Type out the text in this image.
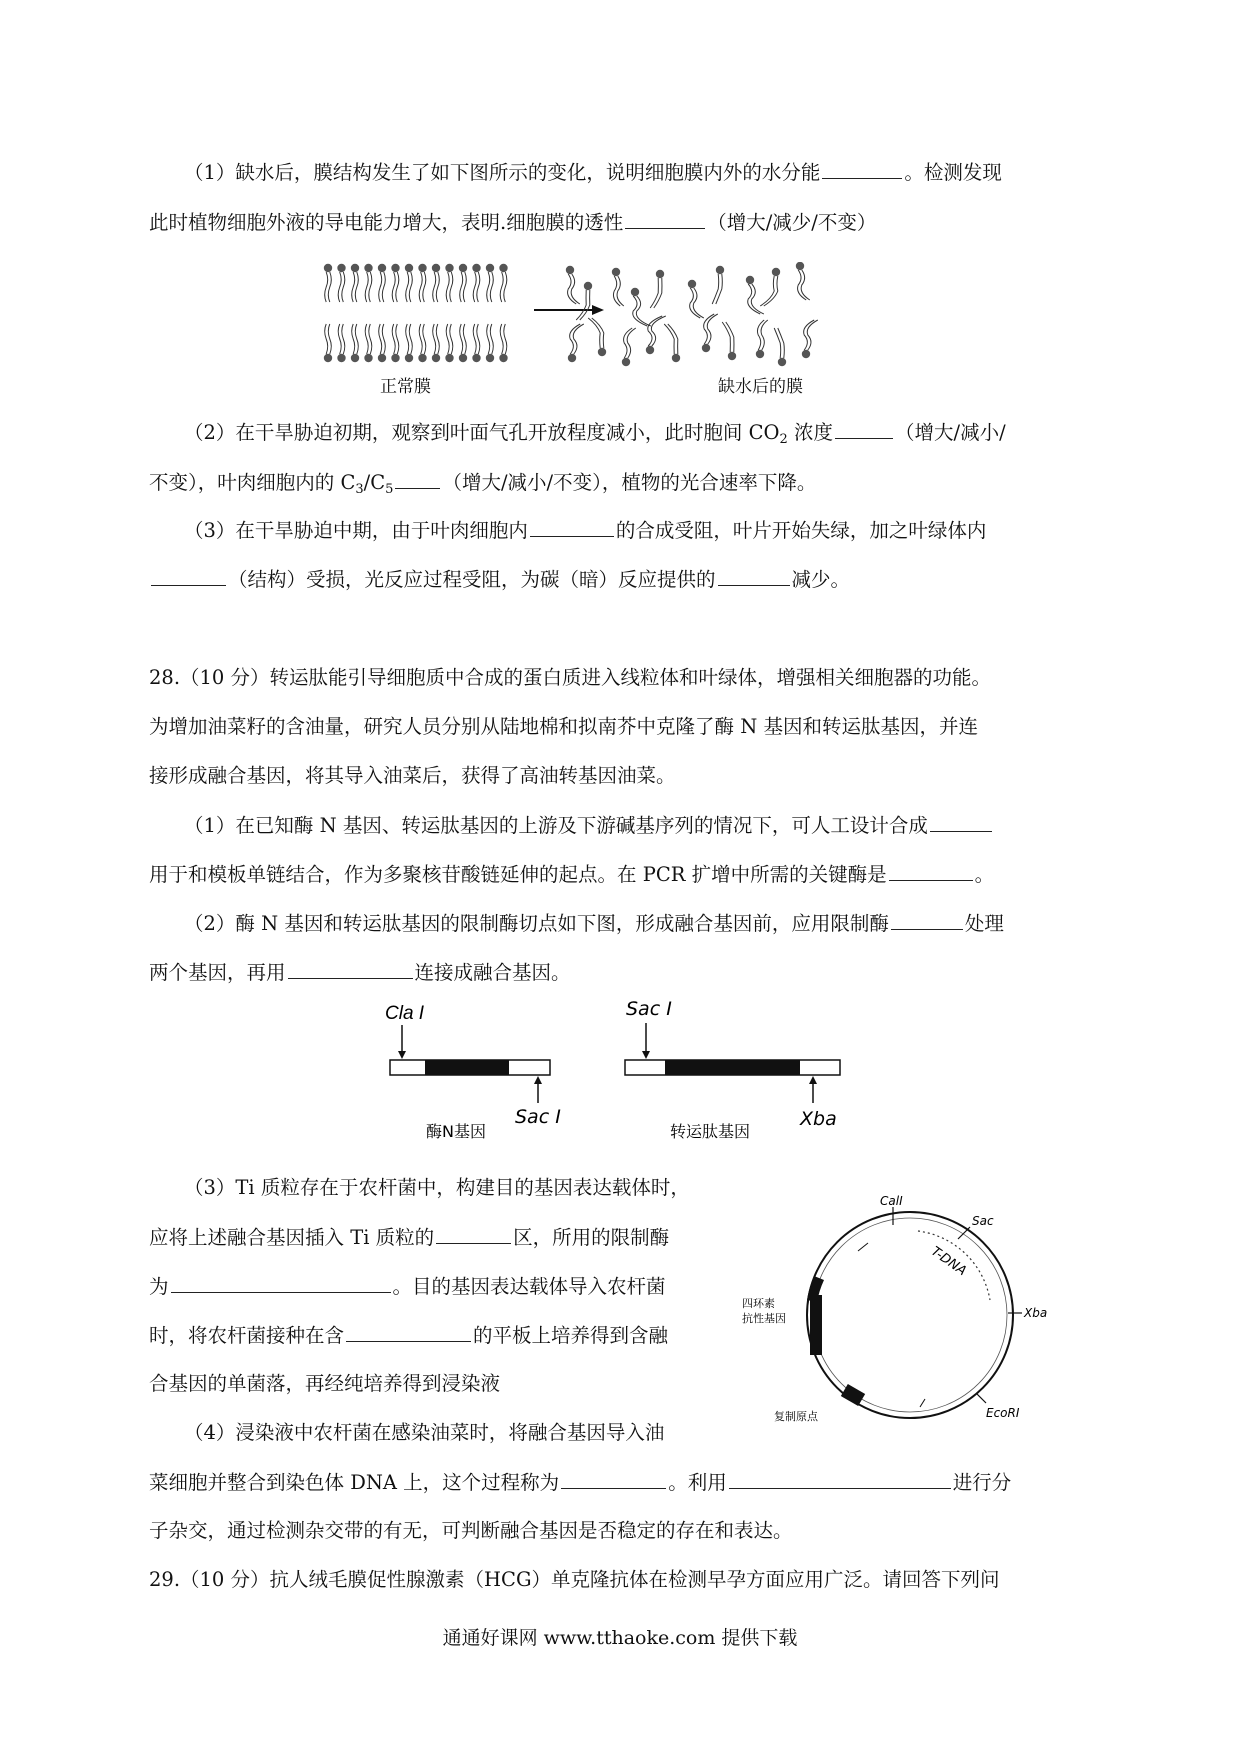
（1）缺水后，膜结构发生了如下图所示的变化，说明细胞膜内外的水分能	。检测发现
此时植物细胞外液的导电能力增大，表明.细胞膜的透性	（增大/减少/不变）
正常膜	缺水后的膜
（2）在干旱胁迫初期，观察到叶面气孔开放程度减小，此时胞间 $CO_2$ 浓度	（增大/减小/
不变），叶肉细胞内的 $C_3/C_5$	（增大/减小/不变），植物的光合速率下降。
（3）在干旱胁迫中期，由于叶肉细胞内	的合成受阻，叶片开始失绿，加之叶绿体内
（结构）受损，光反应过程受阻，为碳（暗）反应提供的	减少。
28.（10 分）转运肽能引导细胞质中合成的蛋白质进入线粒体和叶绿体，增强相关细胞器的功能。
为增加油菜籽的含油量，研究人员分别从陆地棉和拟南芥中克隆了酶 N 基因和转运肽基因，并连
接形成融合基因，将其导入油菜后，获得了高油转基因油菜。
（1）在已知酶 N 基因、转运肽基因的上游及下游碱基序列的情况下，可人工设计合成
用于和模板单链结合，作为多聚核苷酸链延伸的起点。在 PCR 扩增中所需的关键酶是	。
（2）酶 N 基因和转运肽基因的限制酶切点如下图，形成融合基因前，应用限制酶	处理
两个基因，再用	连接成融合基因。
Cla I
Sac I
Sac I
Xba
酶N基因	转运肽基因
（3）Ti 质粒存在于农杆菌中，构建目的基因表达载体时，
应将上述融合基因插入 Ti 质粒的	区，所用的限制酶
为	。目的基因表达载体导入农杆菌
时，将农杆菌接种在含	的平板上培养得到含融
合基因的单菌落，再经纯培养得到浸染液
CalI
Sac
T-DNA
Xba
EcoRI
四环素
抗性基因
复制原点
（4）浸染液中农杆菌在感染油菜时，将融合基因导入油
菜细胞并整合到染色体 DNA 上，这个过程称为	。利用	进行分
子杂交，通过检测杂交带的有无，可判断融合基因是否稳定的存在和表达。
29.（10 分）抗人绒毛膜促性腺激素（HCG）单克隆抗体在检测早孕方面应用广泛。请回答下列问
通通好课网 www.tthaoke.com 提供下载
